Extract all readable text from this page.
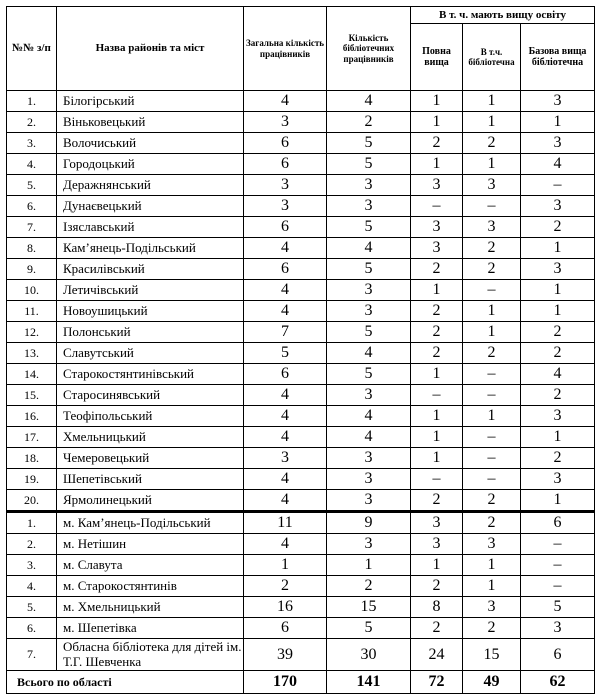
№№ з/п	Назва районів та міст	Загальна кількість працівників	Кількість бібліотечних працівників	В т. ч. мають вищу освіту		
				Повна вища	В т.ч. бібліотечна	Базова вища бібліотечна
1.	Білогірський	4	4	1	1	3
2.	Віньковецький	3	2	1	1	1
3.	Волочиський	6	5	2	2	3
4.	Городоцький	6	5	1	1	4
5.	Деражнянський	3	3	3	3	–
6.	Дунаєвецький	3	3	–	–	3
7.	Ізяславський	6	5	3	3	2
8.	Кам’янець-Подільський	4	4	3	2	1
9.	Красилівський	6	5	2	2	3
10.	Летичівський	4	3	1	–	1
11.	Новоушицький	4	3	2	1	1
12.	Полонський	7	5	2	1	2
13.	Славутський	5	4	2	2	2
14.	Старокостянтинівський	6	5	1	–	4
15.	Старосинявський	4	3	–	–	2
16.	Теофіпольський	4	4	1	1	3
17.	Хмельницький	4	4	1	–	1
18.	Чемеровецький	3	3	1	–	2
19.	Шепетівський	4	3	–	–	3
20.	Ярмолинецький	4	3	2	2	1
1.	м. Кам’янець-Подільський	11	9	3	2	6
2.	м. Нетішин	4	3	3	3	–
3.	м. Славута	1	1	1	1	–
4.	м. Старокостянтинів	2	2	2	1	–
5.	м. Хмельницький	16	15	8	3	5
6.	м. Шепетівка	6	5	2	2	3
7.	Обласна бібліотека для дітей ім. Т.Г. Шевченка	39	30	24	15	6
Всього по області		170	141	72	49	62
